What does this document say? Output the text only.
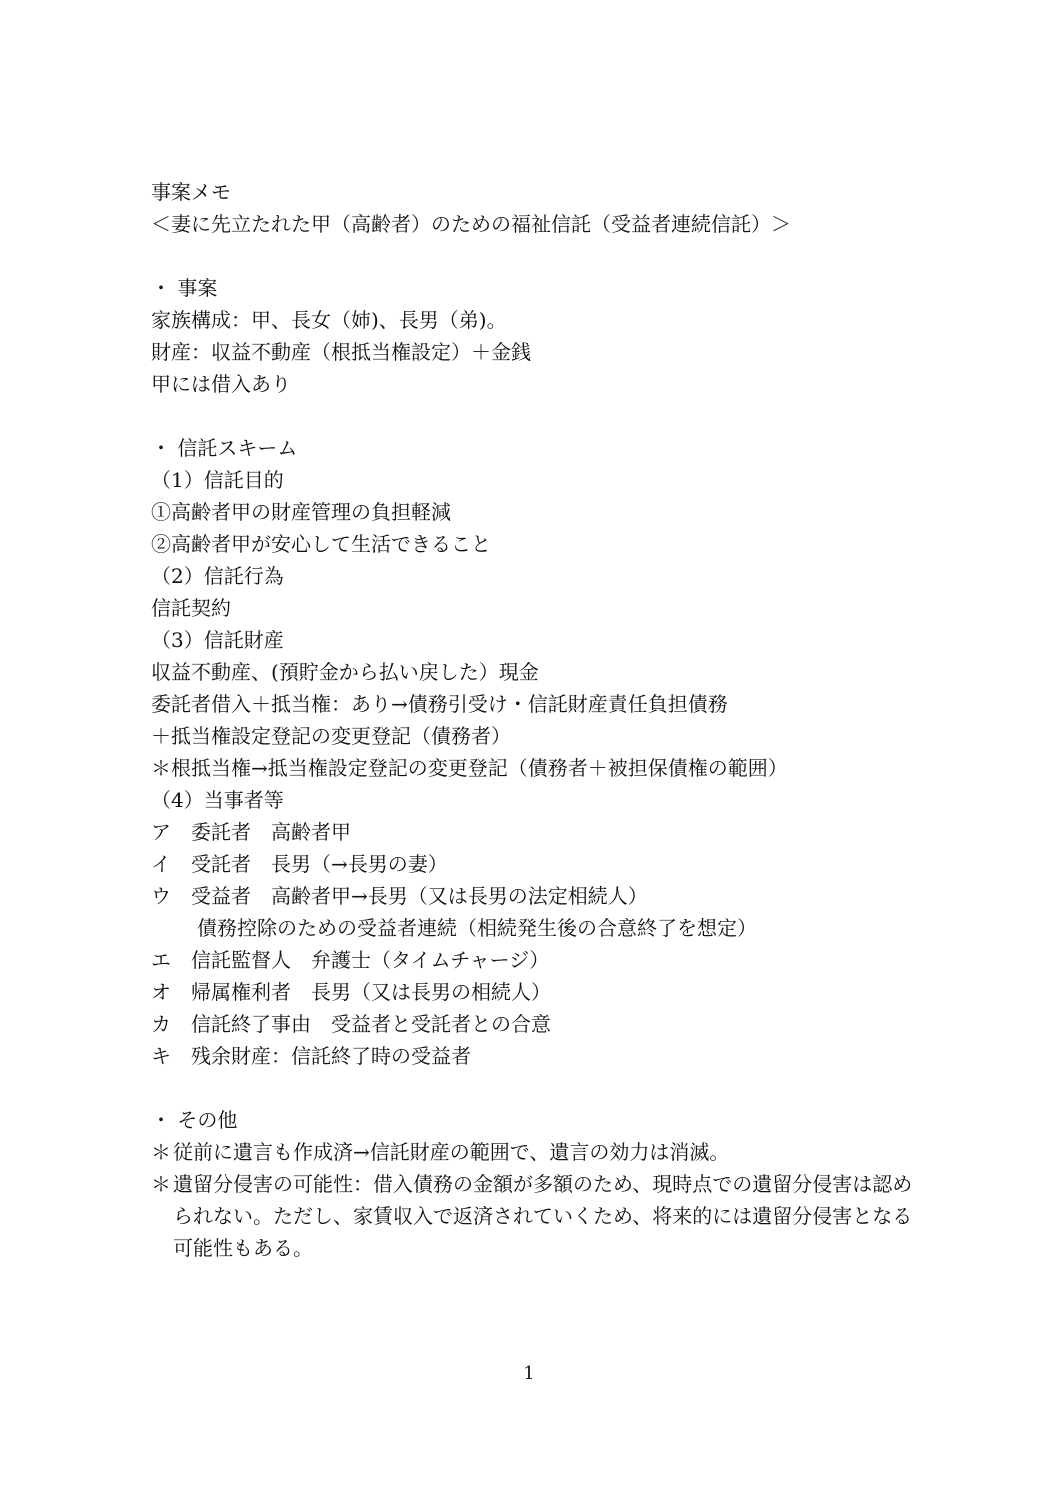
事案メモ
＜妻に先立たれた甲（高齢者）のための福祉信託（受益者連続信託）＞
・ 事案
家族構成：甲、長女（姉)、長男（弟)。
財産：収益不動産（根抵当権設定）＋金銭
甲には借入あり
・ 信託スキーム
（1）信託目的
①高齢者甲の財産管理の負担軽減
②高齢者甲が安心して生活できること
（2）信託行為
信託契約
（3）信託財産
収益不動産、(預貯金から払い戻した）現金
委託者借入＋抵当権：あり→債務引受け・信託財産責任負担債務
＋抵当権設定登記の変更登記（債務者）
＊根抵当権→抵当権設定登記の変更登記（債務者＋被担保債権の範囲）
（4）当事者等
ア　委託者　高齢者甲
イ　受託者　長男（→長男の妻）
ウ　受益者　高齢者甲→長男（又は長男の法定相続人）
債務控除のための受益者連続（相続発生後の合意終了を想定）
エ　信託監督人　弁護士（タイムチャージ）
オ　帰属権利者　長男（又は長男の相続人）
カ　信託終了事由　受益者と受託者との合意
キ　残余財産：信託終了時の受益者
・ その他
＊ 従前に遺言も作成済→信託財産の範囲で、遺言の効力は消滅。
＊ 遺留分侵害の可能性：借入債務の金額が多額のため、現時点での遺留分侵害は認められない。ただし、家賃収入で返済されていくため、将来的には遺留分侵害となる可能性もある。
1
